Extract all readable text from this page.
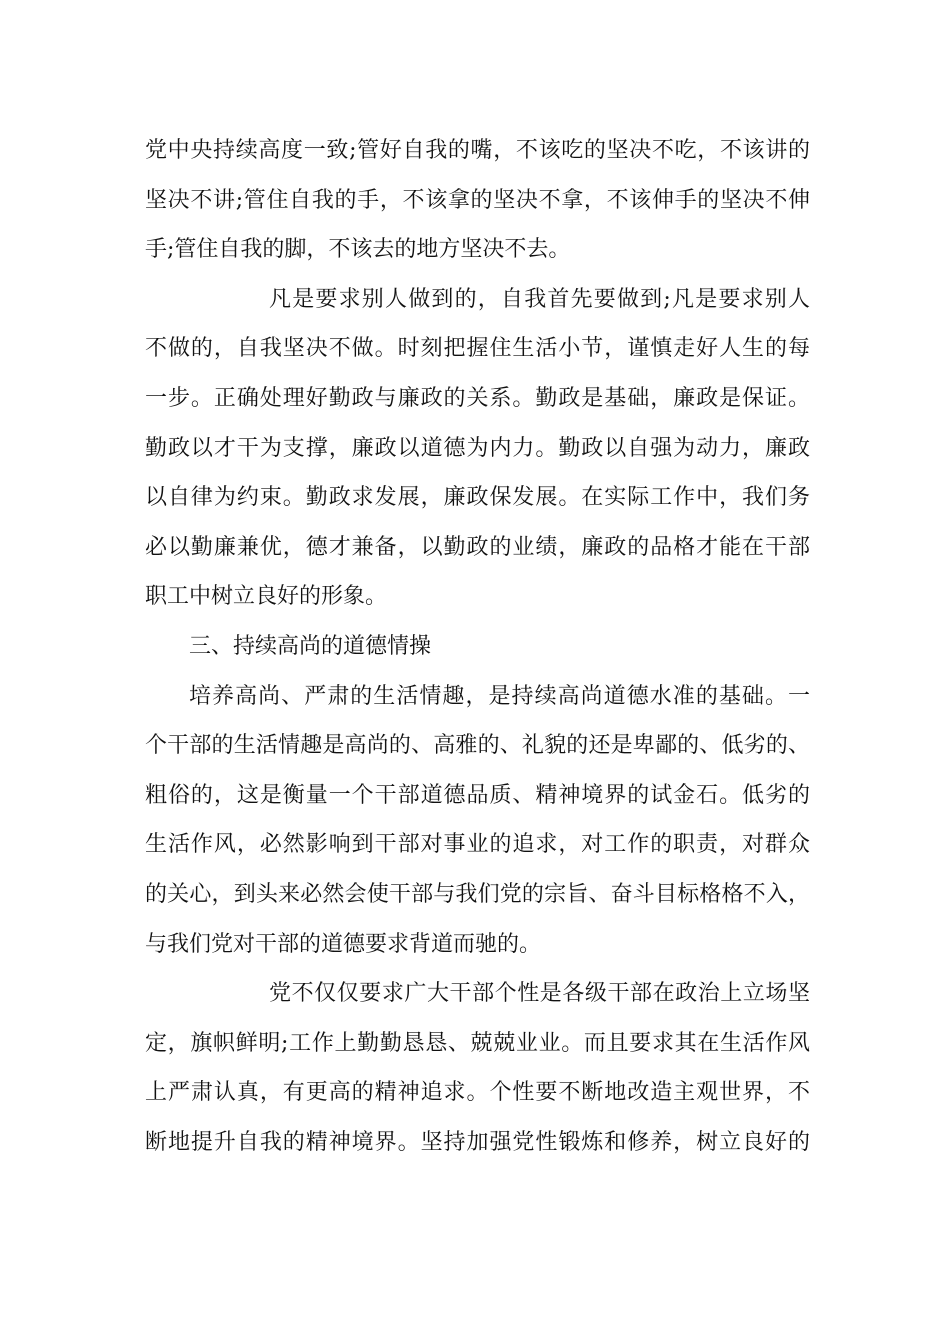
党中央持续高度一致;管好自我的嘴，不该吃的坚决不吃，不该讲的
坚决不讲;管住自我的手，不该拿的坚决不拿，不该伸手的坚决不伸
手;管住自我的脚，不该去的地方坚决不去。

凡是要求别人做到的，自我首先要做到;凡是要求别人
不做的，自我坚决不做。时刻把握住生活小节，谨慎走好人生的每
一步。正确处理好勤政与廉政的关系。勤政是基础，廉政是保证。
勤政以才干为支撑，廉政以道德为内力。勤政以自强为动力，廉政
以自律为约束。勤政求发展，廉政保发展。在实际工作中，我们务
必以勤廉兼优，德才兼备，以勤政的业绩，廉政的品格才能在干部
职工中树立良好的形象。

三、持续高尚的道德情操

培养高尚、严肃的生活情趣，是持续高尚道德水准的基础。一
个干部的生活情趣是高尚的、高雅的、礼貌的还是卑鄙的、低劣的、
粗俗的，这是衡量一个干部道德品质、精神境界的试金石。低劣的
生活作风，必然影响到干部对事业的追求，对工作的职责，对群众
的关心，到头来必然会使干部与我们党的宗旨、奋斗目标格格不入，
与我们党对干部的道德要求背道而驰的。

党不仅仅要求广大干部个性是各级干部在政治上立场坚
定，旗帜鲜明;工作上勤勤恳恳、兢兢业业。而且要求其在生活作风
上严肃认真，有更高的精神追求。个性要不断地改造主观世界，不
断地提升自我的精神境界。坚持加强党性锻炼和修养，树立良好的
